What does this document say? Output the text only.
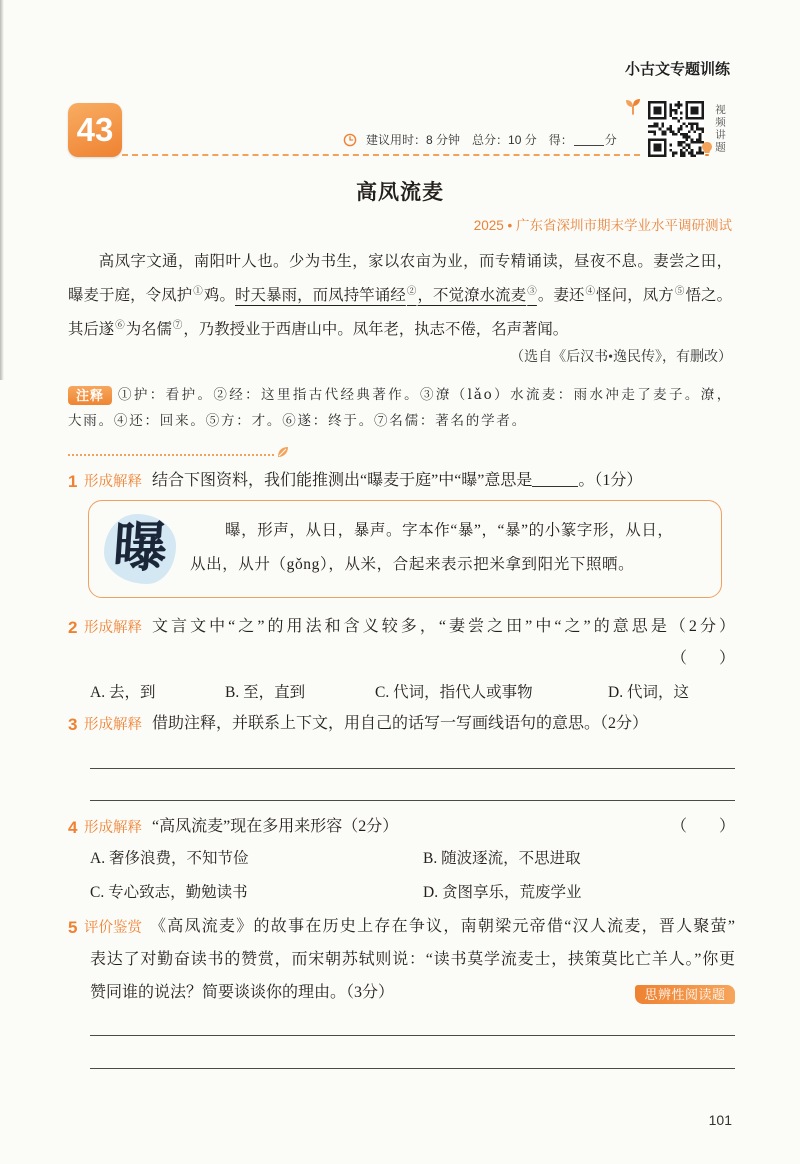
小古文专题训练
43	建议用时：8 分钟 总分：10 分 得：	分	视频讲题
高凤流麦
2025 • 广东省深圳市期末学业水平调研测试
高凤字文通，南阳叶人也。少为书生，家以农亩为业，而专精诵读，昼夜不息。妻尝之田，
曝麦于庭，令凤护①鸡。时天暴雨，而凤持竿诵经②，不觉潦水流麦③。妻还④怪问，凤方⑤悟之。
其后遂⑥为名儒⑦，乃教授业于西唐山中。凤年老，执志不倦，名声著闻。
（选自《后汉书•逸民传》，有删改）
注释	①护：看护。②经：这里指古代经典著作。③潦（lǎo）水流麦：雨水冲走了麦子。潦，
大雨。④还：回来。⑤方：才。⑥遂：终于。⑦名儒：著名的学者。
1 形成解释 结合下图资料，我们能推测出“曝麦于庭”中“曝”意思是	。（1分）
曝	曝，形声，从日，暴声。字本作“暴”，“暴”的小篆字形，从日，
从出，从廾（gǒng），从米，合起来表示把米拿到阳光下照晒。
2 形成解释 文言文中“之”的用法和含义较多，“妻尝之田”中“之”的意思是（2分）
（　　）
A. 去，到	B. 至，直到	C. 代词，指代人或事物	D. 代词，这
3 形成解释 借助注释，并联系上下文，用自己的话写一写画线语句的意思。（2分）
4 形成解释 “高凤流麦”现在多用来形容（2分）	（　　）
A. 奢侈浪费，不知节俭	B. 随波逐流，不思进取
C. 专心致志，勤勉读书	D. 贪图享乐，荒废学业
5 评价鉴赏 《高凤流麦》的故事在历史上存在争议，南朝梁元帝借“汉人流麦，晋人聚萤”
表达了对勤奋读书的赞赏，而宋朝苏轼则说：“读书莫学流麦士，挟策莫比亡羊人。”你更
赞同谁的说法？简要谈谈你的理由。（3分）	思辨性阅读题
101
